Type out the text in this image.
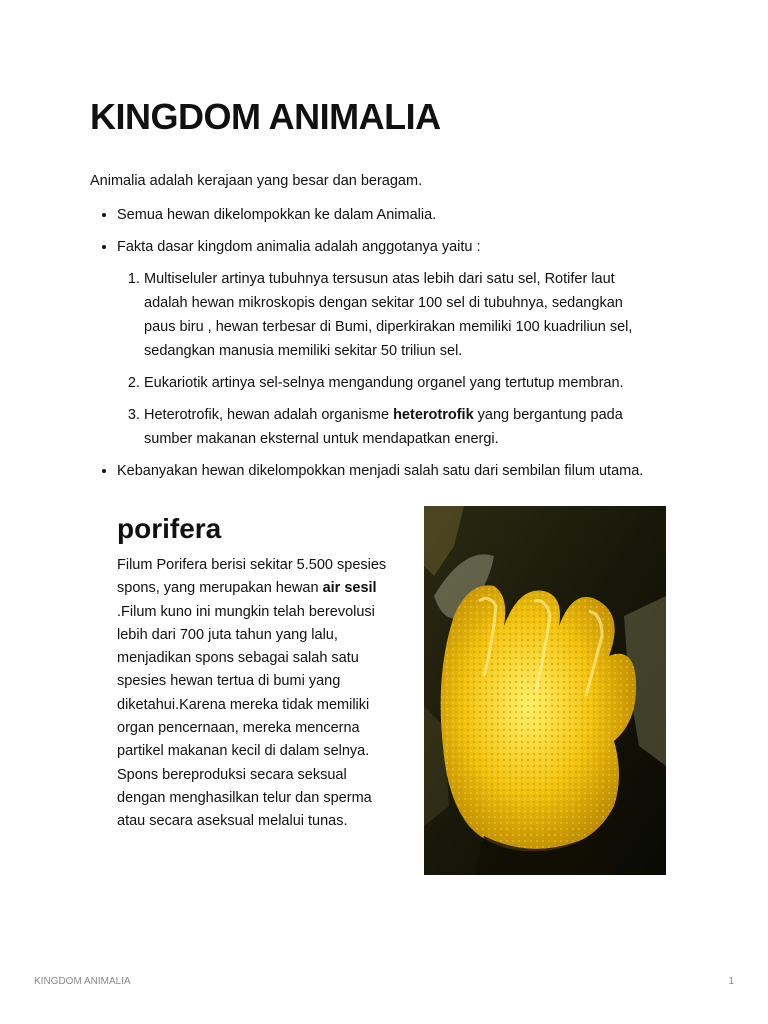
KINGDOM ANIMALIA

Animalia adalah kerajaan yang besar dan beragam.

• Semua hewan dikelompokkan ke dalam Animalia.
• Fakta dasar kingdom animalia adalah anggotanya yaitu :
1. Multiseluler artinya tubuhnya tersusun atas lebih dari satu sel, Rotifer laut adalah hewan mikroskopis dengan sekitar 100 sel di tubuhnya, sedangkan paus biru , hewan terbesar di Bumi, diperkirakan memiliki 100 kuadriliun sel, sedangkan manusia memiliki sekitar 50 triliun sel.
2. Eukariotik artinya sel-selnya mengandung organel yang tertutup membran.
3. Heterotrofik, hewan adalah organisme heterotrofik yang bergantung pada sumber makanan eksternal untuk mendapatkan energi.
• Kebanyakan hewan dikelompokkan menjadi salah satu dari sembilan filum utama.
porifera

Filum Porifera berisi sekitar 5.500 spesies spons, yang merupakan hewan air sesil .Filum kuno ini mungkin telah berevolusi lebih dari 700 juta tahun yang lalu, menjadikan spons sebagai salah satu spesies hewan tertua di bumi yang diketahui.Karena mereka tidak memiliki organ pencernaan, mereka mencerna partikel makanan kecil di dalam selnya. Spons bereproduksi secara seksual dengan menghasilkan telur dan sperma atau secara aseksual melalui tunas.

KINGDOM ANIMALIA	1
